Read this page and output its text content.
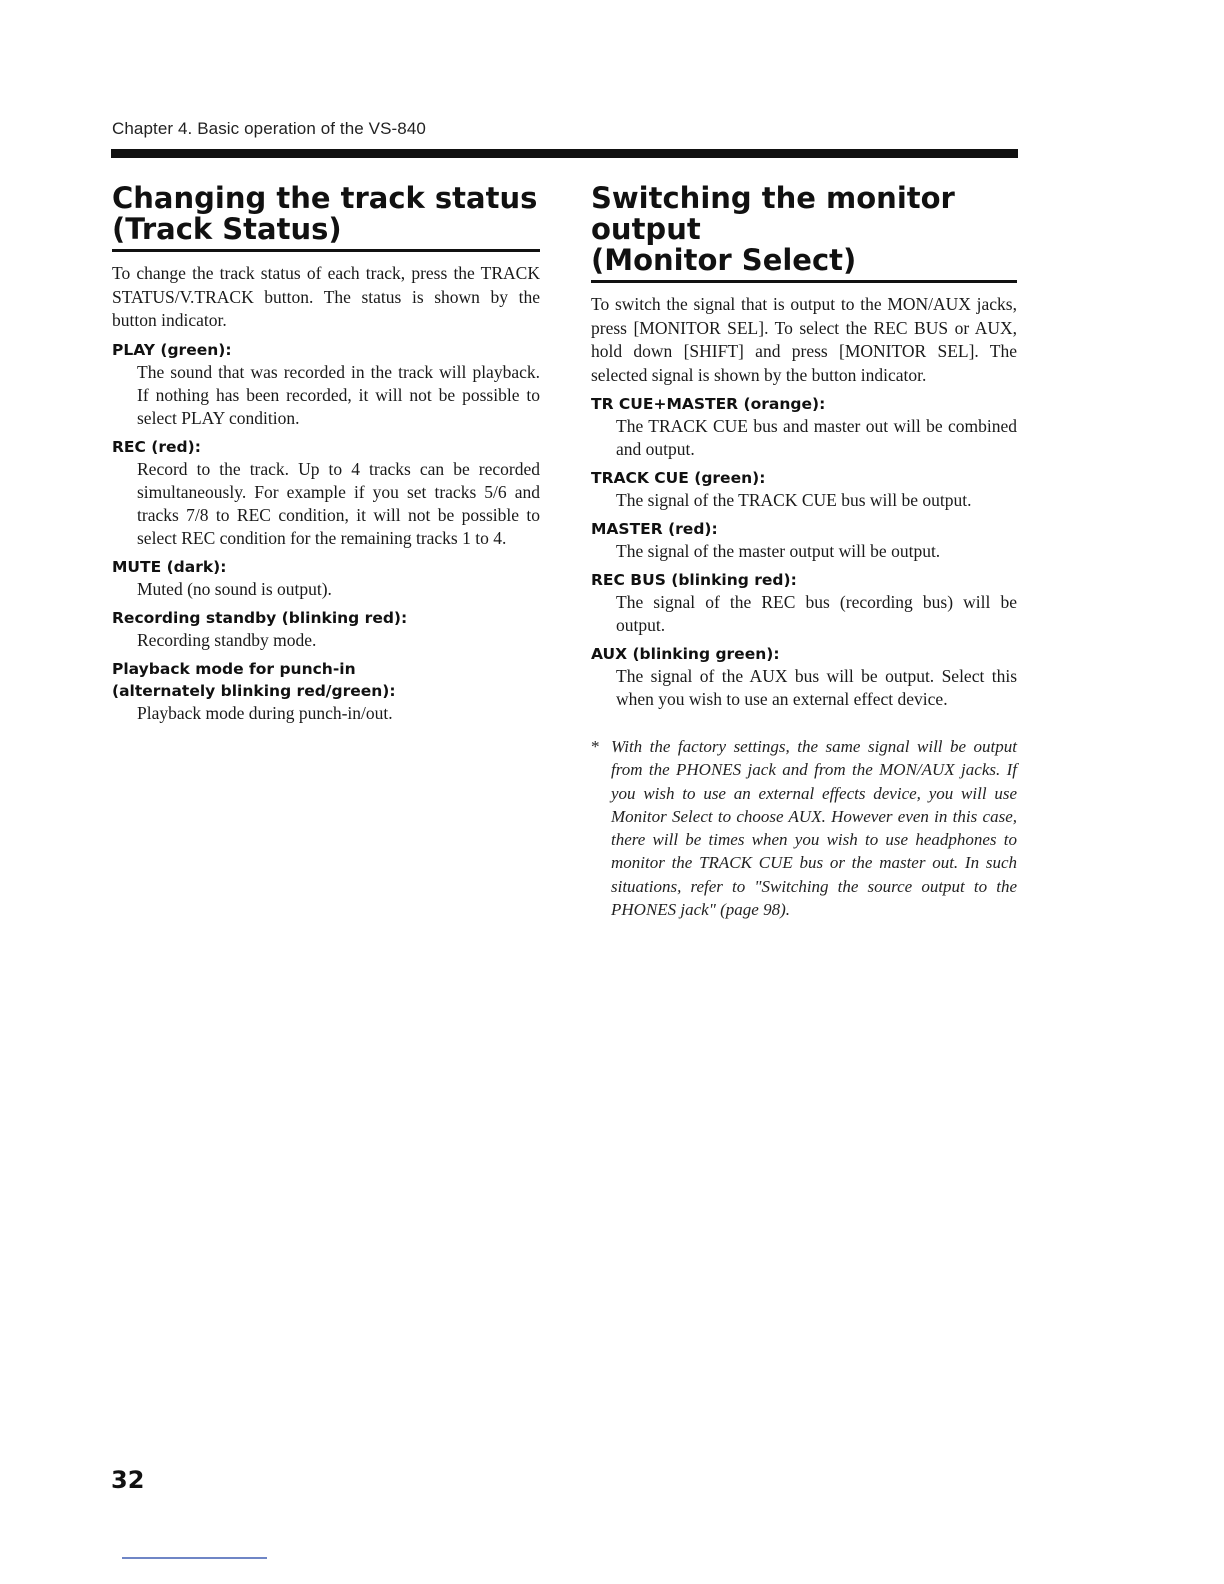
Chapter 4. Basic operation of the VS-840
Changing the track status
(Track Status)

To change the track status of each track, press the TRACK STATUS/V.TRACK button. The status is shown by the button indicator.

PLAY (green):
The sound that was recorded in the track will playback. If nothing has been recorded, it will not be possible to select PLAY condition.
REC (red):
Record to the track. Up to 4 tracks can be recorded simultaneously. For example if you set tracks 5/6 and tracks 7/8 to REC condition, it will not be possible to select REC condition for the remaining tracks 1 to 4.
MUTE (dark):
Muted (no sound is output).
Recording standby (blinking red):
Recording standby mode.
Playback mode for punch-in
(alternately blinking red/green):
Playback mode during punch-in/out.
Switching the monitor output
(Monitor Select)

To switch the signal that is output to the MON/AUX jacks, press [MONITOR SEL]. To select the REC BUS or AUX, hold down [SHIFT] and press [MONITOR SEL]. The selected signal is shown by the button indicator.

TR CUE+MASTER (orange):
The TRACK CUE bus and master out will be combined and output.
TRACK CUE (green):
The signal of the TRACK CUE bus will be output.
MASTER (red):
The signal of the master output will be output.
REC BUS (blinking red):
The signal of the REC bus (recording bus) will be output.
AUX (blinking green):
The signal of the AUX bus will be output. Select this when you wish to use an external effect device.
* With the factory settings, the same signal will be output from the PHONES jack and from the MON/AUX jacks. If you wish to use an external effects device, you will use Monitor Select to choose AUX. However even in this case, there will be times when you wish to use headphones to monitor the TRACK CUE bus or the master out. In such situations, refer to "Switching the source output to the PHONES jack" (page 98).
32
